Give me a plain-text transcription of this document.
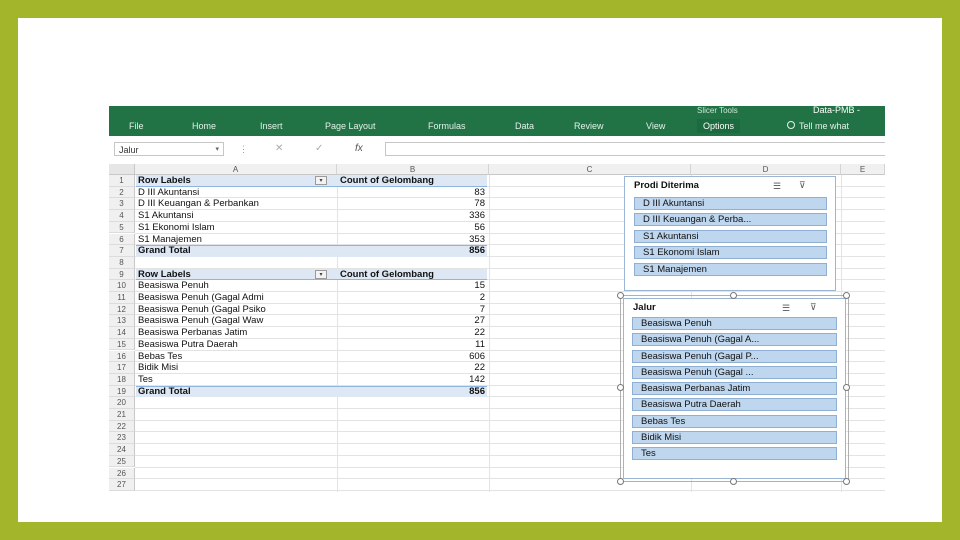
Slicer Tools	Data-PMB -
File	Home	Insert	Page Layout	Formulas	Data	Review	View	Options	Tell me what
Jalur	▾ ⋮	✕	✓	fx
A	B	C	D	E
27
26
25
24
23
22
21
20
19
18
17
16
15
14
13
12
11
10
9
8
7
6
5
4
3
2
1	Row Labels	▾	Count of Gelombang
D III Akuntansi	83
D III Keuangan & Perbankan	78
S1 Akuntansi	336
S1 Ekonomi Islam	56
S1 Manajemen	353
Grand Total	856
Row Labels	▾	Count of Gelombang
Beasiswa Penuh	15
Beasiswa Penuh (Gagal Admi	2
Beasiswa Penuh (Gagal Psiko	7
Beasiswa Penuh (Gagal Waw	27
Beasiswa Perbanas Jatim	22
Beasiswa Putra Daerah	11
Bebas Tes	606
Bidik Misi	22
Tes	142
Grand Total	856
Prodi Diterima	☰ ⊽
D III Akuntansi
D III Keuangan & Perba...
S1 Akuntansi
S1 Ekonomi Islam
S1 Manajemen
Jalur	☰ ⊽
Beasiswa Penuh
Beasiswa Penuh (Gagal A...
Beasiswa Penuh (Gagal P...
Beasiswa Penuh (Gagal ...
Beasiswa Perbanas Jatim
Beasiswa Putra Daerah
Bebas Tes
Bidik Misi
Tes
